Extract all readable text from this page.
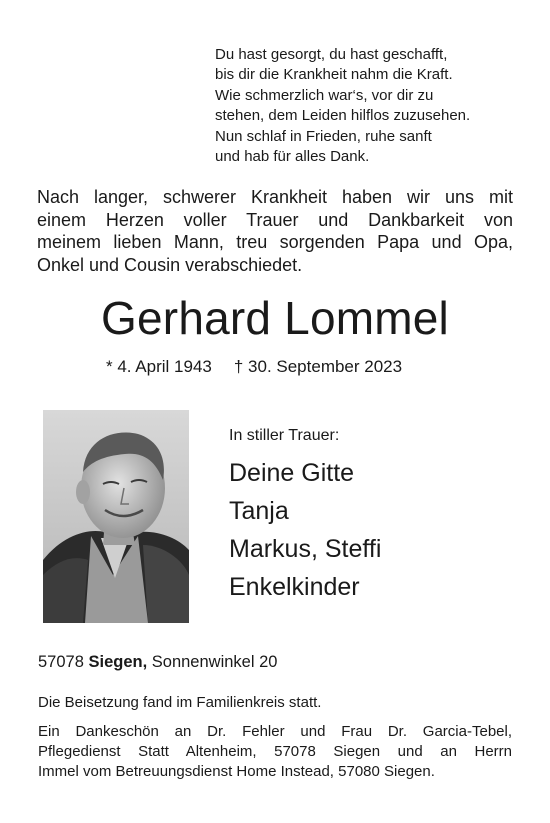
Du hast gesorgt, du hast geschafft,
bis dir die Krankheit nahm die Kraft.
Wie schmerzlich war‘s, vor dir zu
stehen, dem Leiden hilflos zuzusehen.
Nun schlaf in Frieden, ruhe sanft
und hab für alles Dank.
Nach langer, schwerer Krankheit haben wir uns mit
einem Herzen voller Trauer und Dankbarkeit von
meinem lieben Mann, treu sorgenden Papa und Opa,
Onkel und Cousin verabschiedet.
Gerhard Lommel
* 4. April 1943 † 30. September 2023
In stiller Trauer:
Deine Gitte
Tanja
Markus, Steffi
Enkelkinder
57078 Siegen, Sonnenwinkel 20
Die Beisetzung fand im Familienkreis statt.
Ein Dankeschön an Dr. Fehler und Frau Dr. Garcia-Tebel,
Pflegedienst Statt Altenheim, 57078 Siegen und an Herrn
Immel vom Betreuungsdienst Home Instead, 57080 Siegen.
